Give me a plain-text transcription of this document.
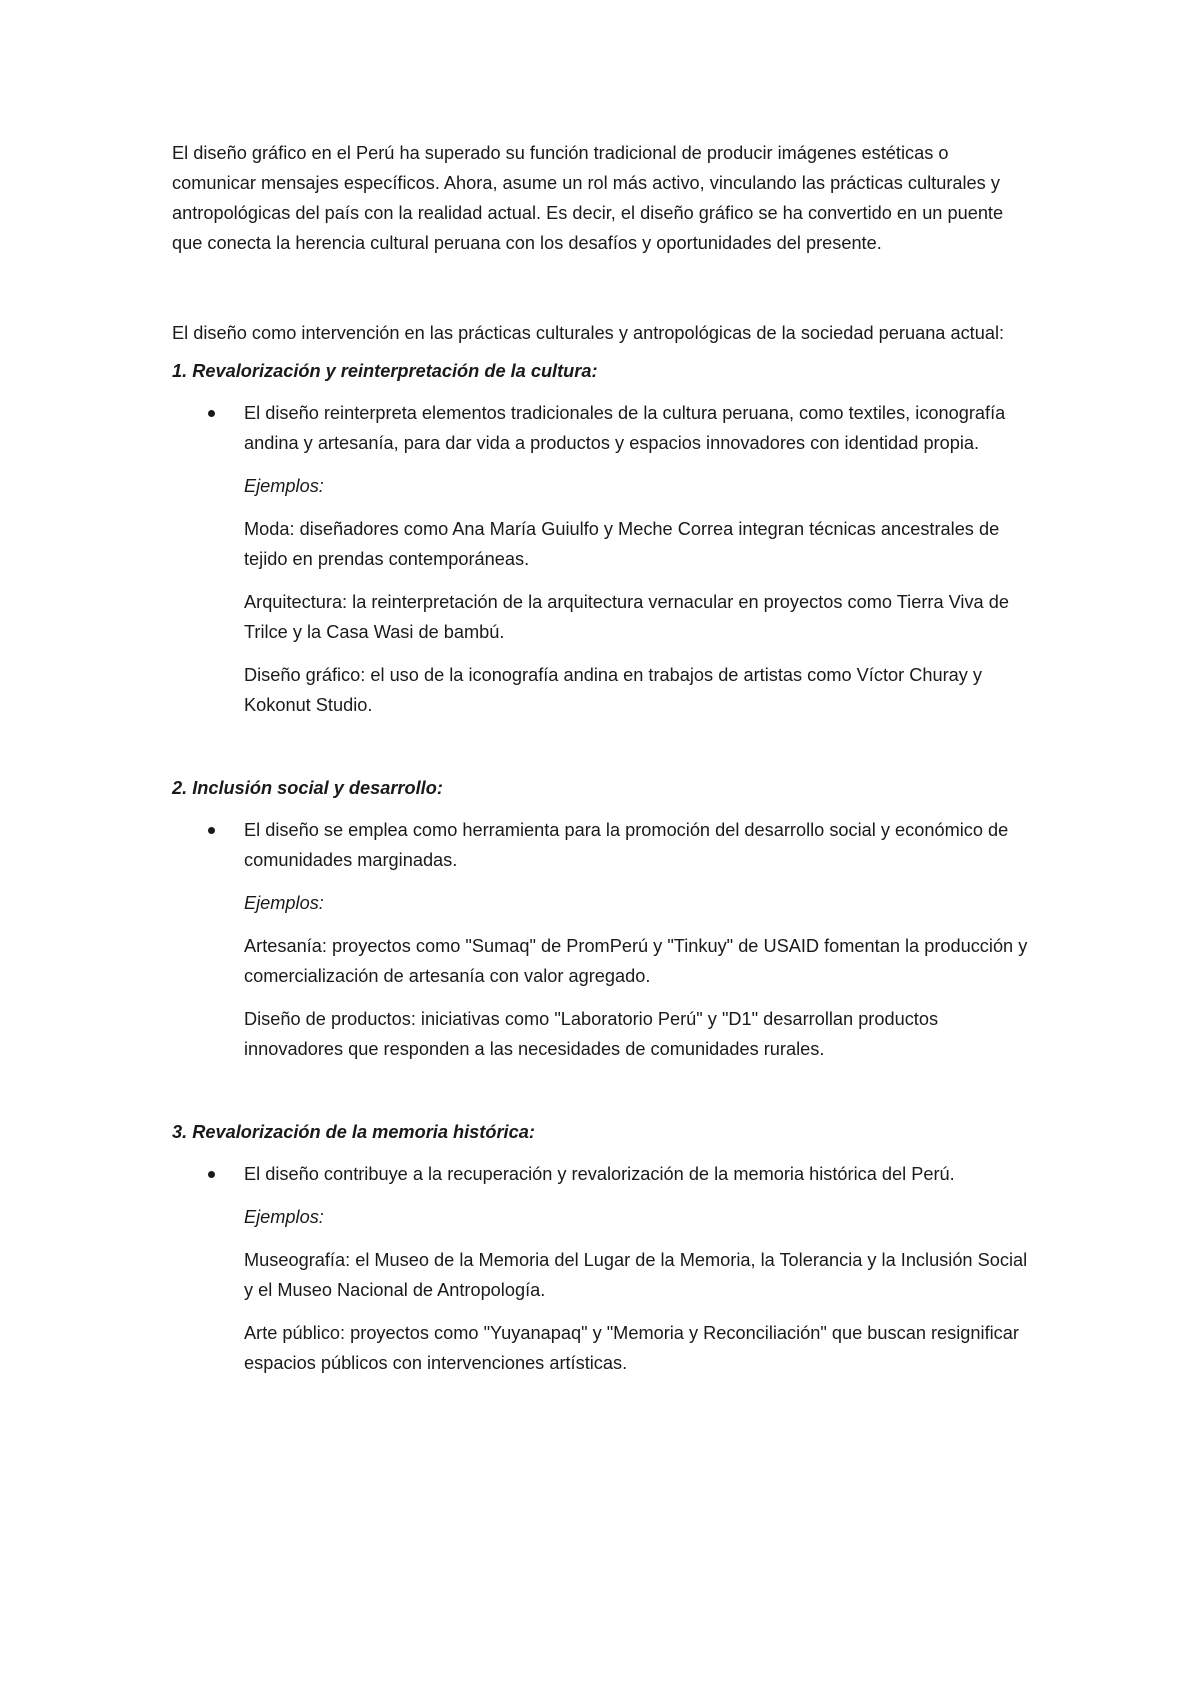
El diseño gráfico en el Perú ha superado su función tradicional de producir imágenes estéticas o comunicar mensajes específicos. Ahora, asume un rol más activo, vinculando las prácticas culturales y antropológicas del país con la realidad actual. Es decir, el diseño gráfico se ha convertido en un puente que conecta la herencia cultural peruana con los desafíos y oportunidades del presente.

El diseño como intervención en las prácticas culturales y antropológicas de la sociedad peruana actual:

1. Revalorización y reinterpretación de la cultura:

El diseño reinterpreta elementos tradicionales de la cultura peruana, como textiles, iconografía andina y artesanía, para dar vida a productos y espacios innovadores con identidad propia.

Ejemplos:

Moda: diseñadores como Ana María Guiulfo y Meche Correa integran técnicas ancestrales de tejido en prendas contemporáneas.

Arquitectura: la reinterpretación de la arquitectura vernacular en proyectos como Tierra Viva de Trilce y la Casa Wasi de bambú.

Diseño gráfico: el uso de la iconografía andina en trabajos de artistas como Víctor Churay y Kokonut Studio.

2. Inclusión social y desarrollo:

El diseño se emplea como herramienta para la promoción del desarrollo social y económico de comunidades marginadas.

Ejemplos:

Artesanía: proyectos como "Sumaq" de PromPerú y "Tinkuy" de USAID fomentan la producción y comercialización de artesanía con valor agregado.

Diseño de productos: iniciativas como "Laboratorio Perú" y "D1" desarrollan productos innovadores que responden a las necesidades de comunidades rurales.

3. Revalorización de la memoria histórica:

El diseño contribuye a la recuperación y revalorización de la memoria histórica del Perú.

Ejemplos:

Museografía: el Museo de la Memoria del Lugar de la Memoria, la Tolerancia y la Inclusión Social y el Museo Nacional de Antropología.

Arte público: proyectos como "Yuyanapaq" y "Memoria y Reconciliación" que buscan resignificar espacios públicos con intervenciones artísticas.
